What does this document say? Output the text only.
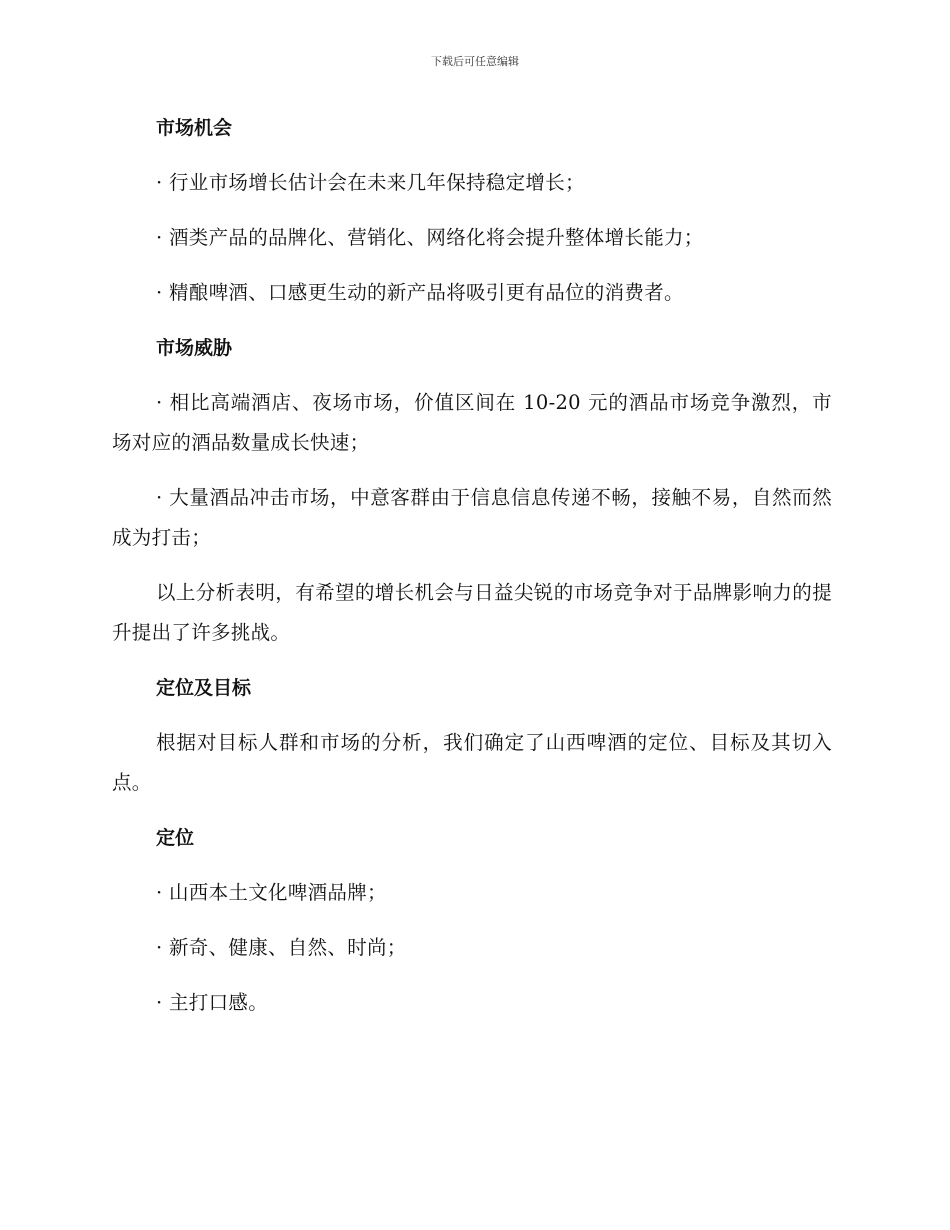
下载后可任意编辑
市场机会

· 行业市场增长估计会在未来几年保持稳定增长；

· 酒类产品的品牌化、营销化、网络化将会提升整体增长能力；

· 精酿啤酒、口感更生动的新产品将吸引更有品位的消费者。

市场威胁

· 相比高端酒店、夜场市场，价值区间在 10-20 元的酒品市场竞争激烈，市场对应的酒品数量成长快速；

· 大量酒品冲击市场，中意客群由于信息信息传递不畅，接触不易，自然而然成为打击；

以上分析表明，有希望的增长机会与日益尖锐的市场竞争对于品牌影响力的提升提出了许多挑战。

定位及目标

根据对目标人群和市场的分析，我们确定了山西啤酒的定位、目标及其切入点。

定位

· 山西本土文化啤酒品牌；

· 新奇、健康、自然、时尚；

· 主打口感。
